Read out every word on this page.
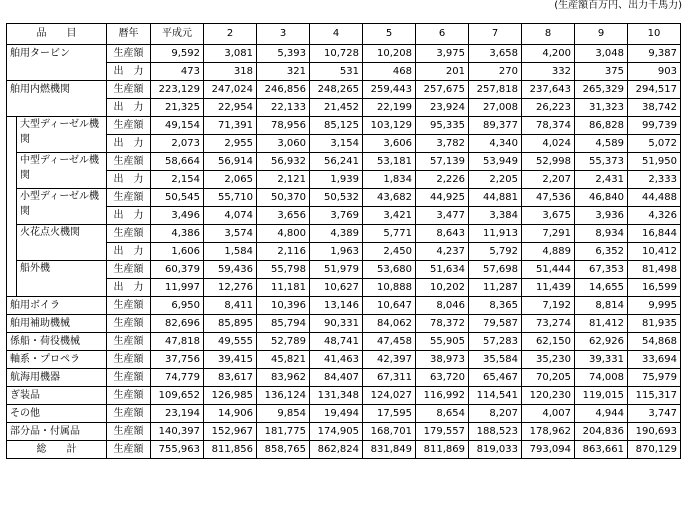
(生産額百万円、出力千馬力)
品　　目		暦年	平成元	2	3	4	5	6	7	8	9	10
舶用タービン		生産額	9,592	3,081	5,393	10,728	10,208	3,975	3,658	4,200	3,048	9,387
		出　力	473	318	321	531	468	201	270	332	375	903
舶用内燃機関		生産額	223,129	247,024	246,856	248,265	259,443	257,675	257,818	237,643	265,329	294,517
		出　力	21,325	22,954	22,133	21,452	22,199	23,924	27,008	26,223	31,323	38,742
	大型ディーゼル機関	生産額	49,154	71,391	78,956	85,125	103,129	95,335	89,377	78,374	86,828	99,739
		出　力	2,073	2,955	3,060	3,154	3,606	3,782	4,340	4,024	4,589	5,072
	中型ディーゼル機関	生産額	58,664	56,914	56,932	56,241	53,181	57,139	53,949	52,998	55,373	51,950
		出　力	2,154	2,065	2,121	1,939	1,834	2,226	2,205	2,207	2,431	2,333
	小型ディーゼル機関	生産額	50,545	55,710	50,370	50,532	43,682	44,925	44,881	47,536	46,840	44,488
		出　力	3,496	4,074	3,656	3,769	3,421	3,477	3,384	3,675	3,936	4,326
	火花点火機関	生産額	4,386	3,574	4,800	4,389	5,771	8,643	11,913	7,291	8,934	16,844
		出　力	1,606	1,584	2,116	1,963	2,450	4,237	5,792	4,889	6,352	10,412
	船外機	生産額	60,379	59,436	55,798	51,979	53,680	51,634	57,698	51,444	67,353	81,498
		出　力	11,997	12,276	11,181	10,627	10,888	10,202	11,287	11,439	14,655	16,599
舶用ボイラ		生産額	6,950	8,411	10,396	13,146	10,647	8,046	8,365	7,192	8,814	9,995
舶用補助機械		生産額	82,696	85,895	85,794	90,331	84,062	78,372	79,587	73,274	81,412	81,935
係船・荷役機械		生産額	47,818	49,555	52,789	48,741	47,458	55,905	57,283	62,150	62,926	54,868
軸系・プロペラ		生産額	37,756	39,415	45,821	41,463	42,397	38,973	35,584	35,230	39,331	33,694
航海用機器		生産額	74,779	83,617	83,962	84,407	67,311	63,720	65,467	70,205	74,008	75,979
ぎ装品		生産額	109,652	126,985	136,124	131,348	124,027	116,992	114,541	120,230	119,015	115,317
その他		生産額	23,194	14,906	9,854	19,494	17,595	8,654	8,207	4,007	4,944	3,747
部分品・付属品		生産額	140,397	152,967	181,775	174,905	168,701	179,557	188,523	178,962	204,836	190,693
総　　計		生産額	755,963	811,856	858,765	862,824	831,849	811,869	819,033	793,094	863,661	870,129
